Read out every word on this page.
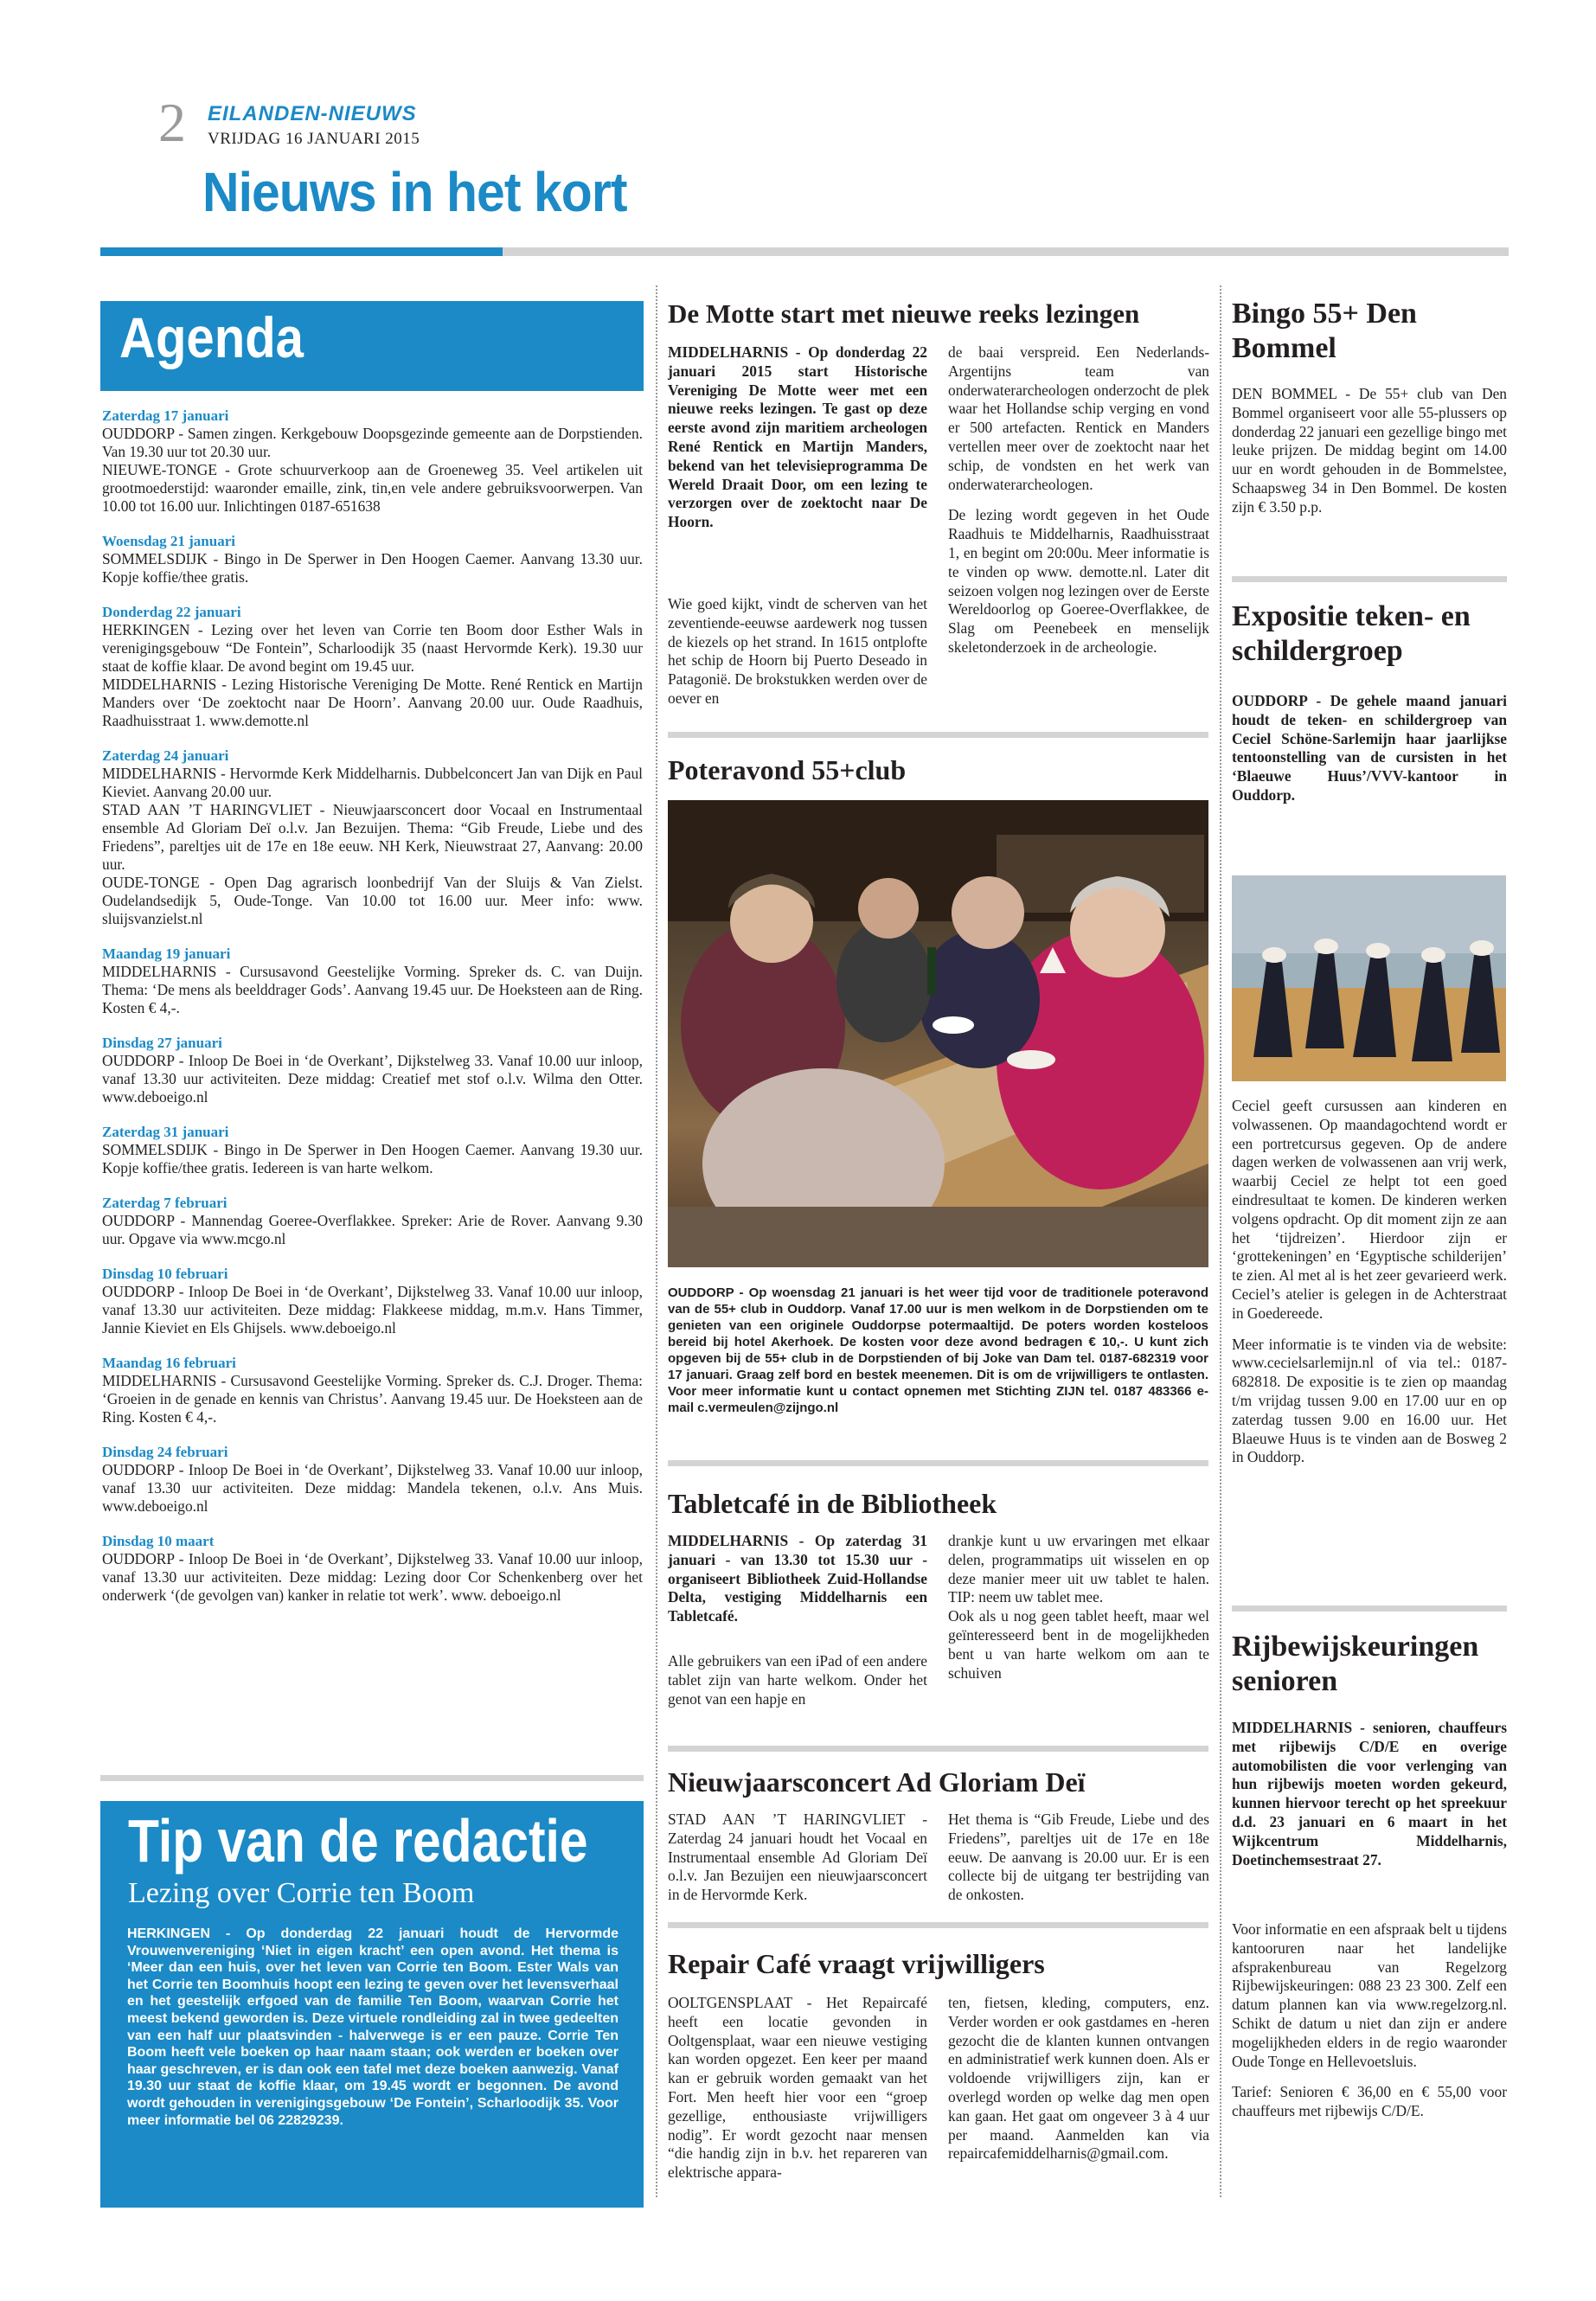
2 EILANDEN-NIEUWS
VRIJDAG 16 JANUARI 2015
Nieuws in het kort
Agenda
Zaterdag 17 januari
OUDDORP - Samen zingen. Kerkgebouw Doopsgezinde gemeente aan de Dorpstienden. Van 19.30 uur tot 20.30 uur.
NIEUWE-TONGE - Grote schuurverkoop aan de Groeneweg 35. Veel artikelen uit grootmoederstijd: waaronder emaille, zink, tin,en vele andere gebruiksvoorwerpen. Van 10.00 tot 16.00 uur. Inlichtingen 0187-651638
Woensdag 21 januari
SOMMELSDIJK - Bingo in De Sperwer in Den Hoogen Caemer. Aanvang 13.30 uur. Kopje koffie/thee gratis.
Donderdag 22 januari
HERKINGEN - Lezing over het leven van Corrie ten Boom door Esther Wals in verenigingsgebouw “De Fontein”, Scharloodijk 35 (naast Hervormde Kerk). 19.30 uur staat de koffie klaar. De avond begint om 19.45 uur.
MIDDELHARNIS - Lezing Historische Vereniging De Motte. René Rentick en Martijn Manders over ‘De zoektocht naar De Hoorn’. Aanvang 20.00 uur. Oude Raadhuis, Raadhuisstraat 1. www.demotte.nl
Zaterdag 24 januari
MIDDELHARNIS - Hervormde Kerk Middelharnis. Dubbelconcert Jan van Dijk en Paul Kieviet. Aanvang 20.00 uur.
STAD AAN ’T HARINGVLIET - Nieuwjaarsconcert door Vocaal en Instrumentaal ensemble Ad Gloriam Deï o.l.v. Jan Bezuijen. Thema: “Gib Freude, Liebe und des Friedens”, pareltjes uit de 17e en 18e eeuw. NH Kerk, Nieuwstraat 27, Aanvang: 20.00 uur.
OUDE-TONGE - Open Dag agrarisch loonbedrijf Van der Sluijs & Van Zielst. Oudelandsedijk 5, Oude-Tonge. Van 10.00 tot 16.00 uur. Meer info: www. sluijsvanzielst.nl
Maandag 19 januari
MIDDELHARNIS - Cursusavond Geestelijke Vorming. Spreker ds. C. van Duijn. Thema: ‘De mens als beelddrager Gods’. Aanvang 19.45 uur. De Hoeksteen aan de Ring. Kosten € 4,-.
Dinsdag 27 januari
OUDDORP - Inloop De Boei in ‘de Overkant’, Dijkstelweg 33. Vanaf 10.00 uur inloop, vanaf 13.30 uur activiteiten. Deze middag: Creatief met stof o.l.v. Wilma den Otter. www.deboeigo.nl
Zaterdag 31 januari
SOMMELSDIJK - Bingo in De Sperwer in Den Hoogen Caemer. Aanvang 19.30 uur. Kopje koffie/thee gratis. Iedereen is van harte welkom.
Zaterdag 7 februari
OUDDORP - Mannendag Goeree-Overflakkee. Spreker: Arie de Rover. Aanvang 9.30 uur. Opgave via www.mcgo.nl
Dinsdag 10 februari
OUDDORP - Inloop De Boei in ‘de Overkant’, Dijkstelweg 33. Vanaf 10.00 uur inloop, vanaf 13.30 uur activiteiten. Deze middag: Flakkeese middag, m.m.v. Hans Timmer, Jannie Kieviet en Els Ghijsels. www.deboeigo.nl
Maandag 16 februari
MIDDELHARNIS - Cursusavond Geestelijke Vorming. Spreker ds. C.J. Droger. Thema: ‘Groeien in de genade en kennis van Christus’. Aanvang 19.45 uur. De Hoeksteen aan de Ring. Kosten € 4,-.
Dinsdag 24 februari
OUDDORP - Inloop De Boei in ‘de Overkant’, Dijkstelweg 33. Vanaf 10.00 uur inloop, vanaf 13.30 uur activiteiten. Deze middag: Mandela tekenen, o.l.v. Ans Muis. www.deboeigo.nl
Dinsdag 10 maart
OUDDORP - Inloop De Boei in ‘de Overkant’, Dijkstelweg 33. Vanaf 10.00 uur inloop, vanaf 13.30 uur activiteiten. Deze middag: Lezing door Cor Schenkenberg over het onderwerk ‘(de gevolgen van) kanker in relatie tot werk’. www. deboeigo.nl
Tip van de redactie
Lezing over Corrie ten Boom
HERKINGEN - Op donderdag 22 januari houdt de Hervormde Vrouwenvereniging ‘Niet in eigen kracht’ een open avond. Het thema is ‘Meer dan een huis, over het leven van Corrie ten Boom. Ester Wals van het Corrie ten Boomhuis hoopt een lezing te geven over het levensverhaal en het geestelijk erfgoed van de familie Ten Boom, waarvan Corrie het meest bekend geworden is. Deze virtuele rondleiding zal in twee gedeelten van een half uur plaatsvinden - halverwege is er een pauze. Corrie Ten Boom heeft vele boeken op haar naam staan; ook werden er boeken over haar geschreven, er is dan ook een tafel met deze boeken aanwezig. Vanaf 19.30 uur staat de koffie klaar, om 19.45 wordt er begonnen. De avond wordt gehouden in verenigingsgebouw ‘De Fontein’, Scharloodijk 35. Voor meer informatie bel 06 22829239.
De Motte start met nieuwe reeks lezingen
MIDDELHARNIS - Op donderdag 22 januari 2015 start Historische Vereniging De Motte weer met een nieuwe reeks lezingen. Te gast op deze eerste avond zijn maritiem archeologen René Rentick en Martijn Manders, bekend van het televisieprogramma De Wereld Draait Door, om een lezing te verzorgen over de zoektocht naar De Hoorn.
Wie goed kijkt, vindt de scherven van het zeventiende-eeuwse aardewerk nog tussen de kiezels op het strand. In 1615 ontplofte het schip de Hoorn bij Puerto Deseado in Patagonië. De brokstukken werden over de oever en

de baai verspreid. Een Nederlands-Argentijns team van onderwaterarcheologen onderzocht de plek waar het Hollandse schip verging en vond er 500 artefacten. Rentick en Manders vertellen meer over de zoektocht naar het schip, de vondsten en het werk van onderwaterarcheologen.

De lezing wordt gegeven in het Oude Raadhuis te Middelharnis, Raadhuisstraat 1, en begint om 20:00u. Meer informatie is te vinden op www. demotte.nl. Later dit seizoen volgen nog lezingen over de Eerste Wereldoorlog op Goeree-Overflakkee, de Slag om Peenebeek en menselijk skeletonderzoek in de archeologie.

Poteravond 55+club
OUDDORP - Op woensdag 21 januari is het weer tijd voor de traditionele poteravond van de 55+ club in Ouddorp. Vanaf 17.00 uur is men welkom in de Dorpstienden om te genieten van een originele Ouddorpse potermaaltijd. De poters worden kosteloos bereid bij hotel Akerhoek. De kosten voor deze avond bedragen € 10,-. U kunt zich opgeven bij de 55+ club in de Dorpstienden of bij Joke van Dam tel. 0187-682319 voor 17 januari. Graag zelf bord en bestek meenemen. Dit is om de vrijwilligers te ontlasten. Voor meer informatie kunt u contact opnemen met Stichting ZIJN tel. 0187 483366 e-mail c.vermeulen@zijngo.nl
Tabletcafé in de Bibliotheek
MIDDELHARNIS - Op zaterdag 31 januari - van 13.30 tot 15.30 uur - organiseert Bibliotheek Zuid-Hollandse Delta, vestiging Middelharnis een Tabletcafé.
Alle gebruikers van een iPad of een andere tablet zijn van harte welkom. Onder het genot van een hapje en

drankje kunt u uw ervaringen met elkaar delen, programmatips uit wisselen en op deze manier meer uit uw tablet te halen. TIP: neem uw tablet mee.

Ook als u nog geen tablet heeft, maar wel geïnteresseerd bent in de mogelijkheden bent u van harte welkom om aan te schuiven

Nieuwjaarsconcert Ad Gloriam Deï
STAD AAN ’T HARINGVLIET - Zaterdag 24 januari houdt het Vocaal en Instrumentaal ensemble Ad Gloriam Deï o.l.v. Jan Bezuijen een nieuwjaarsconcert in de Hervormde Kerk.
Het thema is “Gib Freude, Liebe und des Friedens”, pareltjes uit de 17e en 18e eeuw. De aanvang is 20.00 uur. Er is een collecte bij de uitgang ter bestrijding van de onkosten.
Repair Café vraagt vrijwilligers
OOLTGENSPLAAT - Het Repaircafé heeft een locatie gevonden in Ooltgensplaat, waar een nieuwe vestiging kan worden opgezet. Een keer per maand kan er gebruik worden gemaakt van het Fort. Men heeft hier voor een “groep gezellige, enthousiaste vrijwilligers nodig”. Er wordt gezocht naar mensen “die handig zijn in b.v. het repareren van elektrische appara-
ten, fietsen, kleding, computers, enz. Verder worden er ook gastdames en -heren gezocht die de klanten kunnen ontvangen en administratief werk kunnen doen. Als er voldoende vrijwilligers zijn, kan er overlegd worden op welke dag men open kan gaan. Het gaat om ongeveer 3 à 4 uur per maand. Aanmelden kan via repaircafemiddelharnis@gmail.com.
Bingo 55+ Den Bommel
DEN BOMMEL - De 55+ club van Den Bommel organiseert voor alle 55-plussers op donderdag 22 januari een gezellige bingo met leuke prijzen. De middag begint om 14.00 uur en wordt gehouden in de Bommelstee, Schaapsweg 34 in Den Bommel. De kosten zijn € 3.50 p.p.
Expositie teken- en schildergroep
OUDDORP - De gehele maand januari houdt de teken- en schildergroep van Ceciel Schöne-Sarlemijn haar jaarlijkse tentoonstelling van de cursisten in het ‘Blaeuwe Huus’/VVV-kantoor in Ouddorp.

Ceciel geeft cursussen aan kinderen en volwassenen. Op maandagochtend wordt er een portretcursus gegeven. Op de andere dagen werken de volwassenen aan vrij werk, waarbij Ceciel ze helpt tot een goed eindresultaat te komen. De kinderen werken volgens opdracht. Op dit moment zijn ze aan het ‘tijdreizen’. Hierdoor zijn er ‘grottekeningen’ en ‘Egyptische schilderijen’ te zien. Al met al is het zeer gevarieerd werk. Ceciel’s atelier is gelegen in de Achterstraat in Goedereede.

Meer informatie is te vinden via de website: www.cecielsarlemijn.nl of via tel.: 0187-682818. De expositie is te zien op maandag t/m vrijdag tussen 9.00 en 17.00 uur en op zaterdag tussen 9.00 en 16.00 uur. Het Blaeuwe Huus is te vinden aan de Bosweg 2 in Ouddorp.

Rijbewijskeuringen senioren
MIDDELHARNIS - senioren, chauffeurs met rijbewijs C/D/E en overige automobilisten die voor verlenging van hun rijbewijs moeten worden gekeurd, kunnen hiervoor terecht op het spreekuur d.d. 23 januari en 6 maart in het Wijkcentrum Middelharnis, Doetinchemsestraat 27.

Voor informatie en een afspraak belt u tijdens kantooruren naar het landelijke afsprakenbureau van Regelzorg Rijbewijskeuringen: 088 23 23 300. Zelf een datum plannen kan via www.regelzorg.nl. Schikt de datum u niet dan zijn er andere mogelijkheden elders in de regio waaronder Oude Tonge en Hellevoetsluis.

Tarief: Senioren € 36,00 en € 55,00 voor chauffeurs met rijbewijs C/D/E.
